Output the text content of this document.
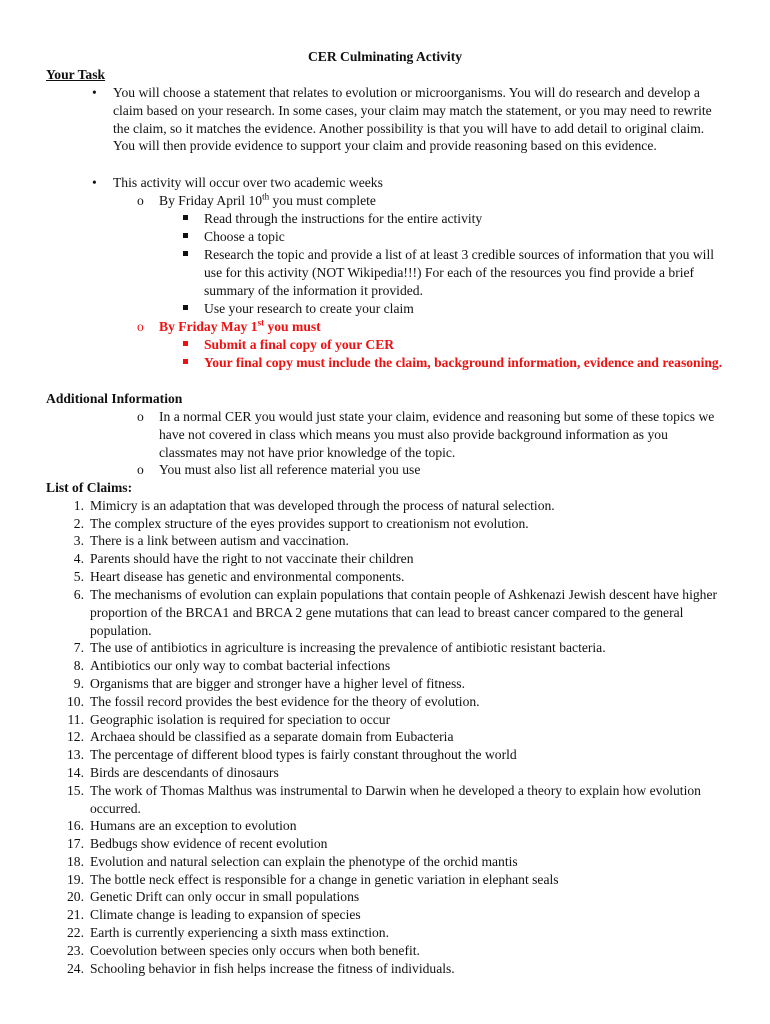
CER Culminating Activity
Your Task
• You will choose a statement that relates to evolution or microorganisms. You will do research and develop a claim based on your research. In some cases, your claim may match the statement, or you may need to rewrite the claim, so it matches the evidence. Another possibility is that you will have to add detail to original claim. You will then provide evidence to support your claim and provide reasoning based on this evidence.
• This activity will occur over two academic weeks
o By Friday April 10th you must complete
Read through the instructions for the entire activity
Choose a topic
Research the topic and provide a list of at least 3 credible sources of information that you will use for this activity (NOT Wikipedia!!!) For each of the resources you find provide a brief summary of the information it provided.
Use your research to create your claim
o By Friday May 1st you must
Submit a final copy of your CER
Your final copy must include the claim, background information, evidence and reasoning.
Additional Information
o In a normal CER you would just state your claim, evidence and reasoning but some of these topics we have not covered in class which means you must also provide background information as you classmates may not have prior knowledge of the topic.
o You must also list all reference material you use
List of Claims:
1. Mimicry is an adaptation that was developed through the process of natural selection.
2. The complex structure of the eyes provides support to creationism not evolution.
3. There is a link between autism and vaccination.
4. Parents should have the right to not vaccinate their children
5. Heart disease has genetic and environmental components.
6. The mechanisms of evolution can explain populations that contain people of Ashkenazi Jewish descent have higher proportion of the BRCA1 and BRCA 2 gene mutations that can lead to breast cancer compared to the general population.
7. The use of antibiotics in agriculture is increasing the prevalence of antibiotic resistant bacteria.
8. Antibiotics our only way to combat bacterial infections
9. Organisms that are bigger and stronger have a higher level of fitness.
10. The fossil record provides the best evidence for the theory of evolution.
11. Geographic isolation is required for speciation to occur
12. Archaea should be classified as a separate domain from Eubacteria
13. The percentage of different blood types is fairly constant throughout the world
14. Birds are descendants of dinosaurs
15. The work of Thomas Malthus was instrumental to Darwin when he developed a theory to explain how evolution occurred.
16. Humans are an exception to evolution
17. Bedbugs show evidence of recent evolution
18. Evolution and natural selection can explain the phenotype of the orchid mantis
19. The bottle neck effect is responsible for a change in genetic variation in elephant seals
20. Genetic Drift can only occur in small populations
21. Climate change is leading to expansion of species
22. Earth is currently experiencing a sixth mass extinction.
23. Coevolution between species only occurs when both benefit.
24. Schooling behavior in fish helps increase the fitness of individuals.
